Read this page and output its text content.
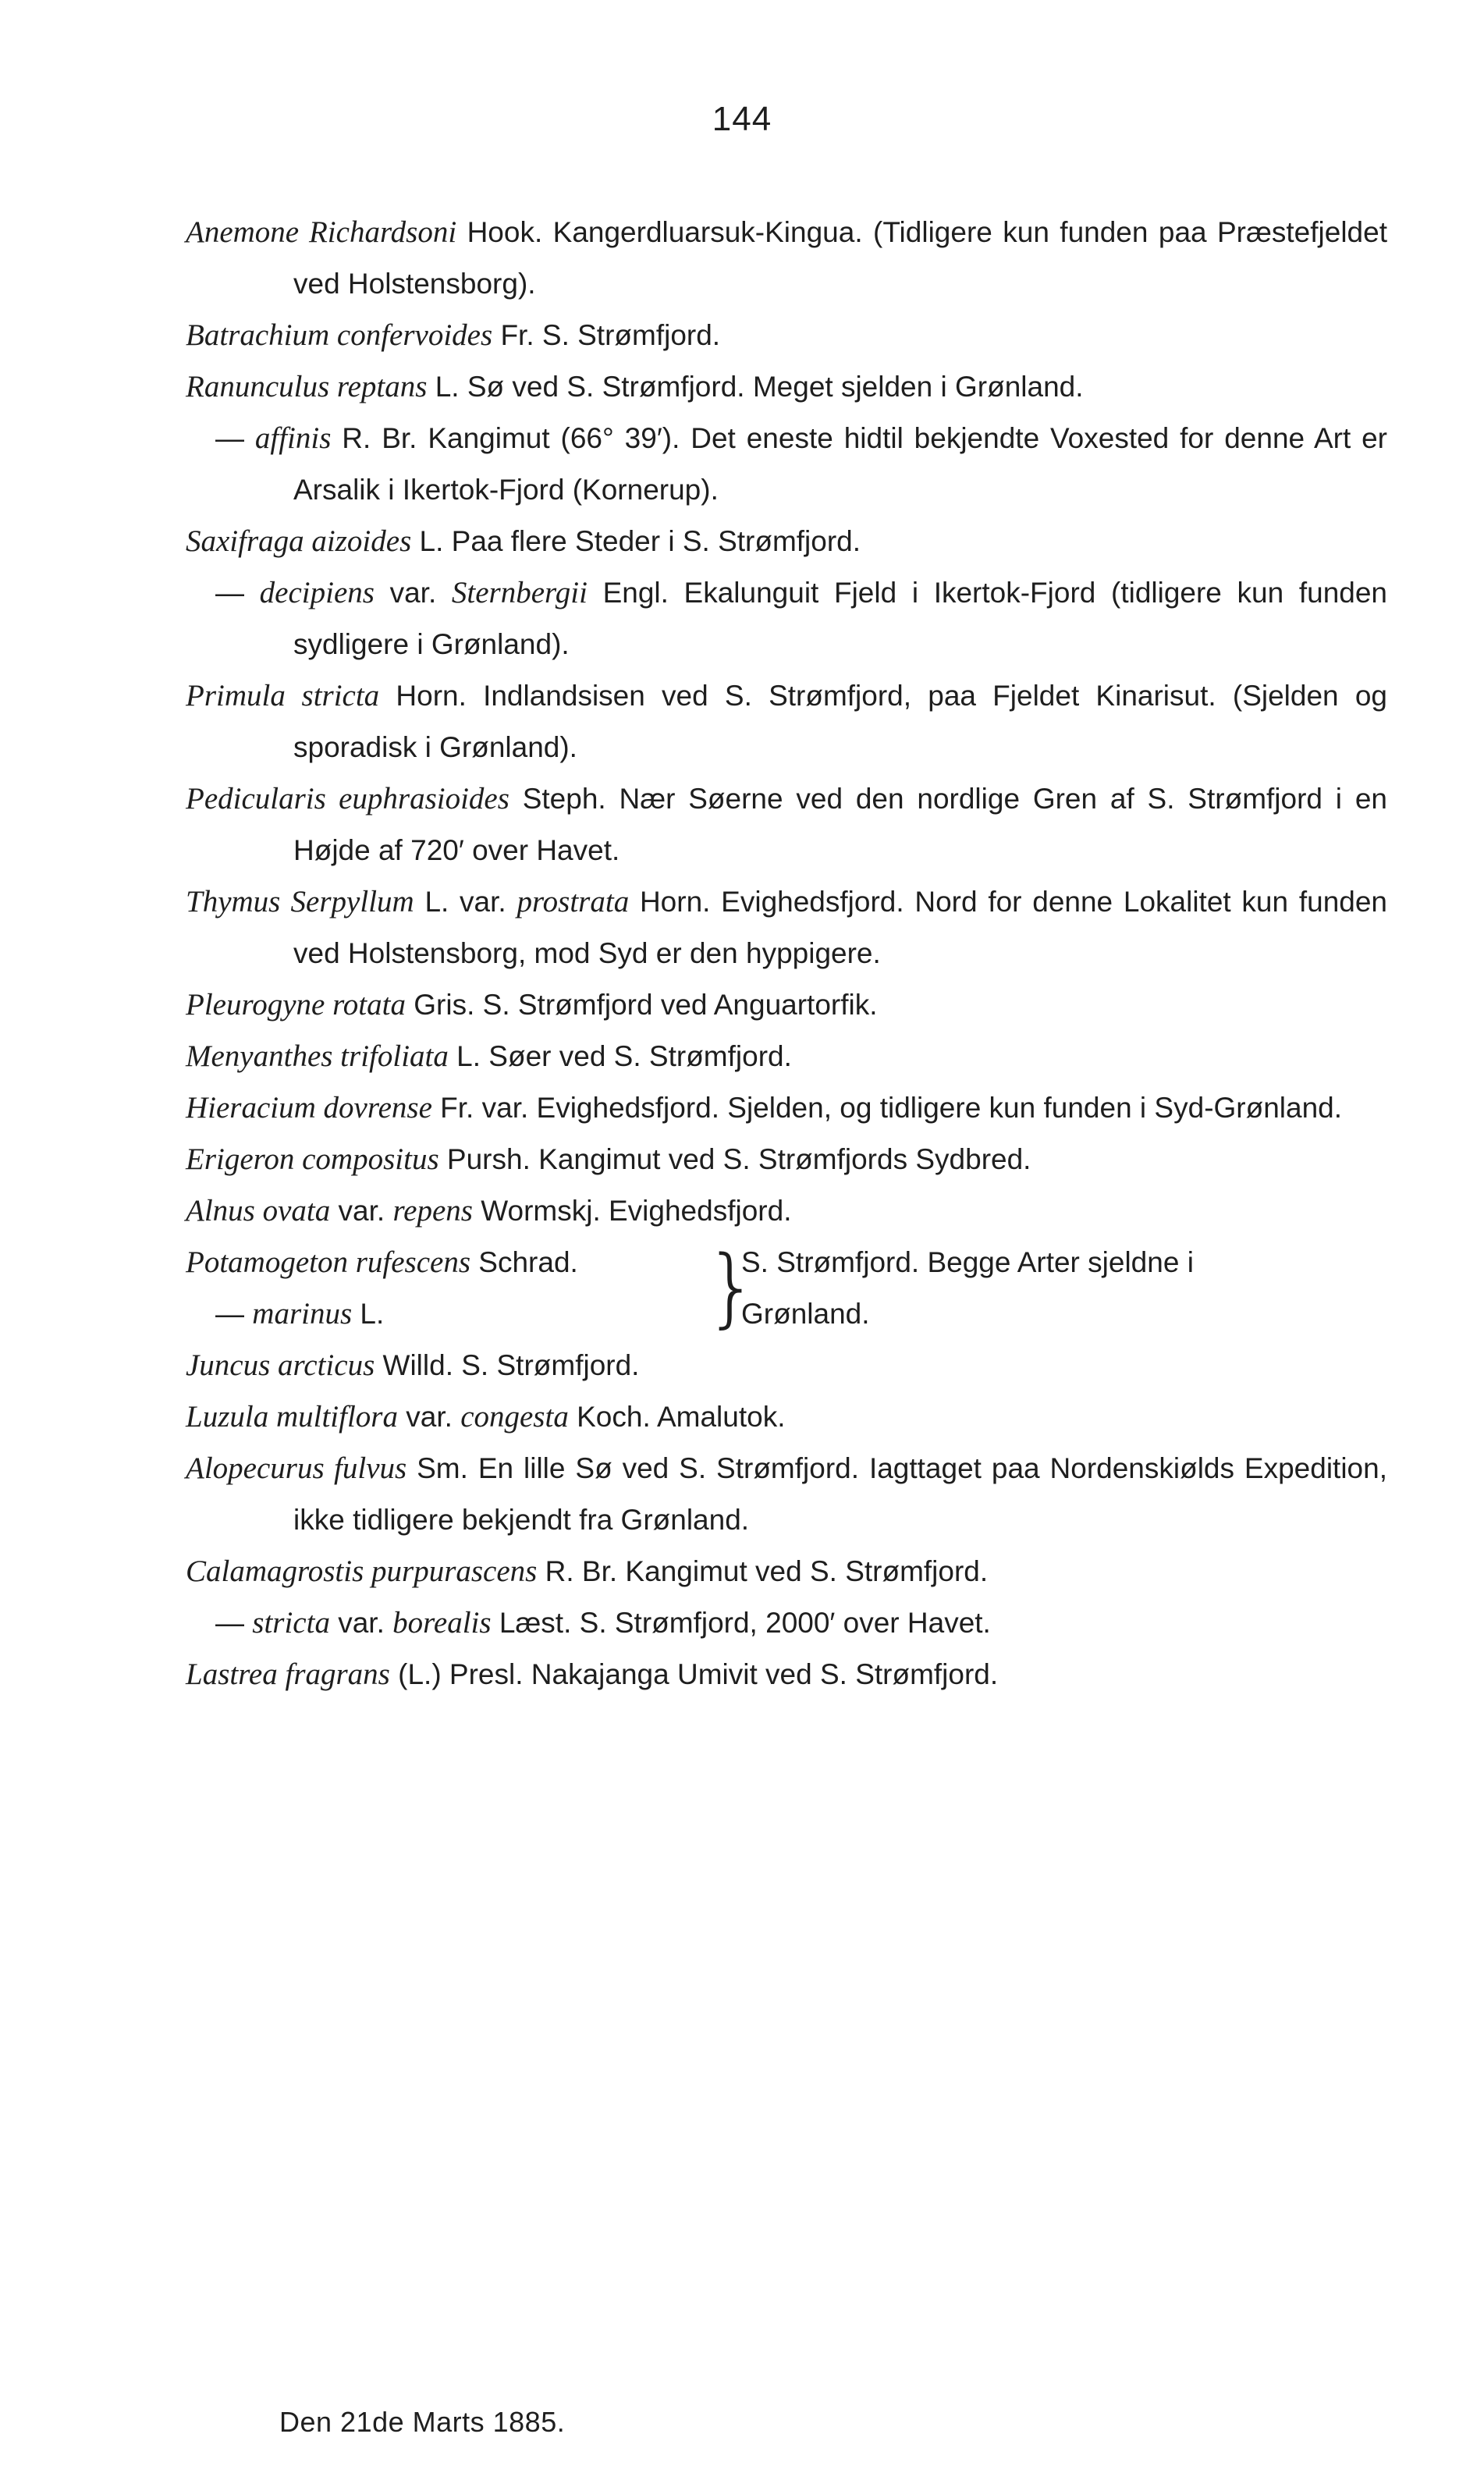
144
Anemone Richardsoni Hook. Kangerdluarsuk-Kingua. (Tidligere kun funden paa Præstefjeldet ved Holstensborg).
Batrachium confervoides Fr. S. Strømfjord.
Ranunculus reptans L. Sø ved S. Strømfjord. Meget sjelden i Grønland.
— affinis R. Br. Kangimut (66° 39′). Det eneste hidtil bekjendte Voxested for denne Art er Arsalik i Ikertok-Fjord (Kornerup).
Saxifraga aizoides L. Paa flere Steder i S. Strømfjord.
— decipiens var. Sternbergii Engl. Ekalunguit Fjeld i Ikertok-Fjord (tidligere kun funden sydligere i Grønland).
Primula stricta Horn. Indlandsisen ved S. Strømfjord, paa Fjeldet Kinarisut. (Sjelden og sporadisk i Grønland).
Pedicularis euphrasioides Steph. Nær Søerne ved den nordlige Gren af S. Strømfjord i en Højde af 720′ over Havet.
Thymus Serpyllum L. var. prostrata Horn. Evighedsfjord. Nord for denne Lokalitet kun funden ved Holstensborg, mod Syd er den hyppigere.
Pleurogyne rotata Gris. S. Strømfjord ved Anguartorfik.
Menyanthes trifoliata L. Søer ved S. Strømfjord.
Hieracium dovrense Fr. var. Evighedsfjord. Sjelden, og tidligere kun funden i Syd-Grønland.
Erigeron compositus Pursh. Kangimut ved S. Strømfjords Sydbred.
Alnus ovata var. repens Wormskj. Evighedsfjord.
Potamogeton rufescens Schrad.
— marinus L.	}
S. Strømfjord. Begge Arter sjeldne i
Grønland.
Juncus arcticus Willd. S. Strømfjord.
Luzula multiflora var. congesta Koch. Amalutok.
Alopecurus fulvus Sm. En lille Sø ved S. Strømfjord. Iagttaget paa Nordenskiølds Expedition, ikke tidligere bekjendt fra Grønland.
Calamagrostis purpurascens R. Br. Kangimut ved S. Strømfjord.
— stricta var. borealis Læst. S. Strømfjord, 2000′ over Havet.
Lastrea fragrans (L.) Presl. Nakajanga Umivit ved S. Strømfjord.
Den 21de Marts 1885.
